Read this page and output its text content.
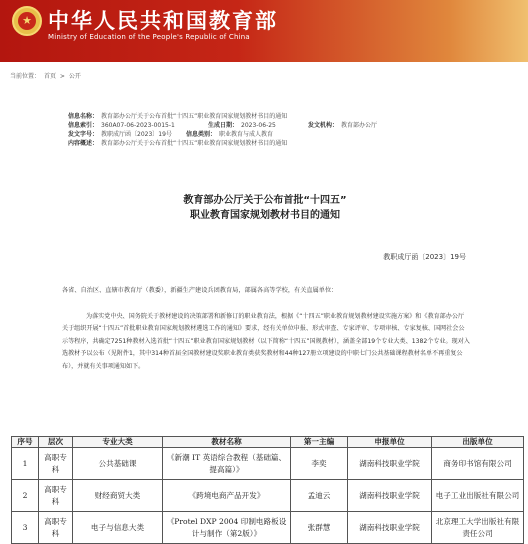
★ 中华人民共和国教育部
Ministry of Education of the People's Republic of China
当前位置： 首页 > 公开
信息名称： 教育部办公厅关于公布首批“十四五”职业教育国家规划教材书目的通知
信息索引： 360A07-06-2023-0015-1	生成日期： 2023-06-25	发文机构： 教育部办公厅
发文字号： 教职成厅函〔2023〕19号	信息类别： 职业教育与成人教育
内容概述： 教育部办公厅关于公布首批“十四五”职业教育国家规划教材书目的通知
教育部办公厅关于公布首批“十四五”
职业教育国家规划教材书目的通知
教职成厅函〔2023〕19号
各省、自治区、直辖市教育厅（教委），新疆生产建设兵团教育局，部属各高等学校，有关直属单位：

为落实党中央、国务院关于教材建设的决策部署和新修订的职业教育法，根据《“十四五”职业教育规划教材建设实施方案》和《教育部办公厅关于组织开展“十四五”首批职业教育国家规划教材遴选工作的通知》要求，经有关单位申报、形式审查、专家评审、专项审核、专家复核、国网社会公示等程序，共确定7251种教材入选首批“十四五”职业教育国家规划教材（以下简称“十四五”国规教材），涵盖全部19个专业大类、1382个专业。现对入选教材予以公布（见附件1，其中314种首届全国教材建设奖职业教育类获奖教材和44种127册立项建设的中职七门公共基础课程教材名单不再重复公布），并就有关事项通知如下。

序号	层次	专业大类	教材名称	第一主编	申报单位	出版单位
1	高职专科	公共基础课	《新潮 IT 英语综合教程（基础篇、提高篇）》	李奕	湖南科技职业学院	商务印书馆有限公司
2	高职专科	财经商贸大类	《跨境电商产品开发》	孟迪云	湖南科技职业学院	电子工业出版社有限公司
3	高职专科	电子与信息大类	《Protel DXP 2004 印制电路板设计与制作（第2版）》	张群慧	湖南科技职业学院	北京理工大学出版社有限责任公司
